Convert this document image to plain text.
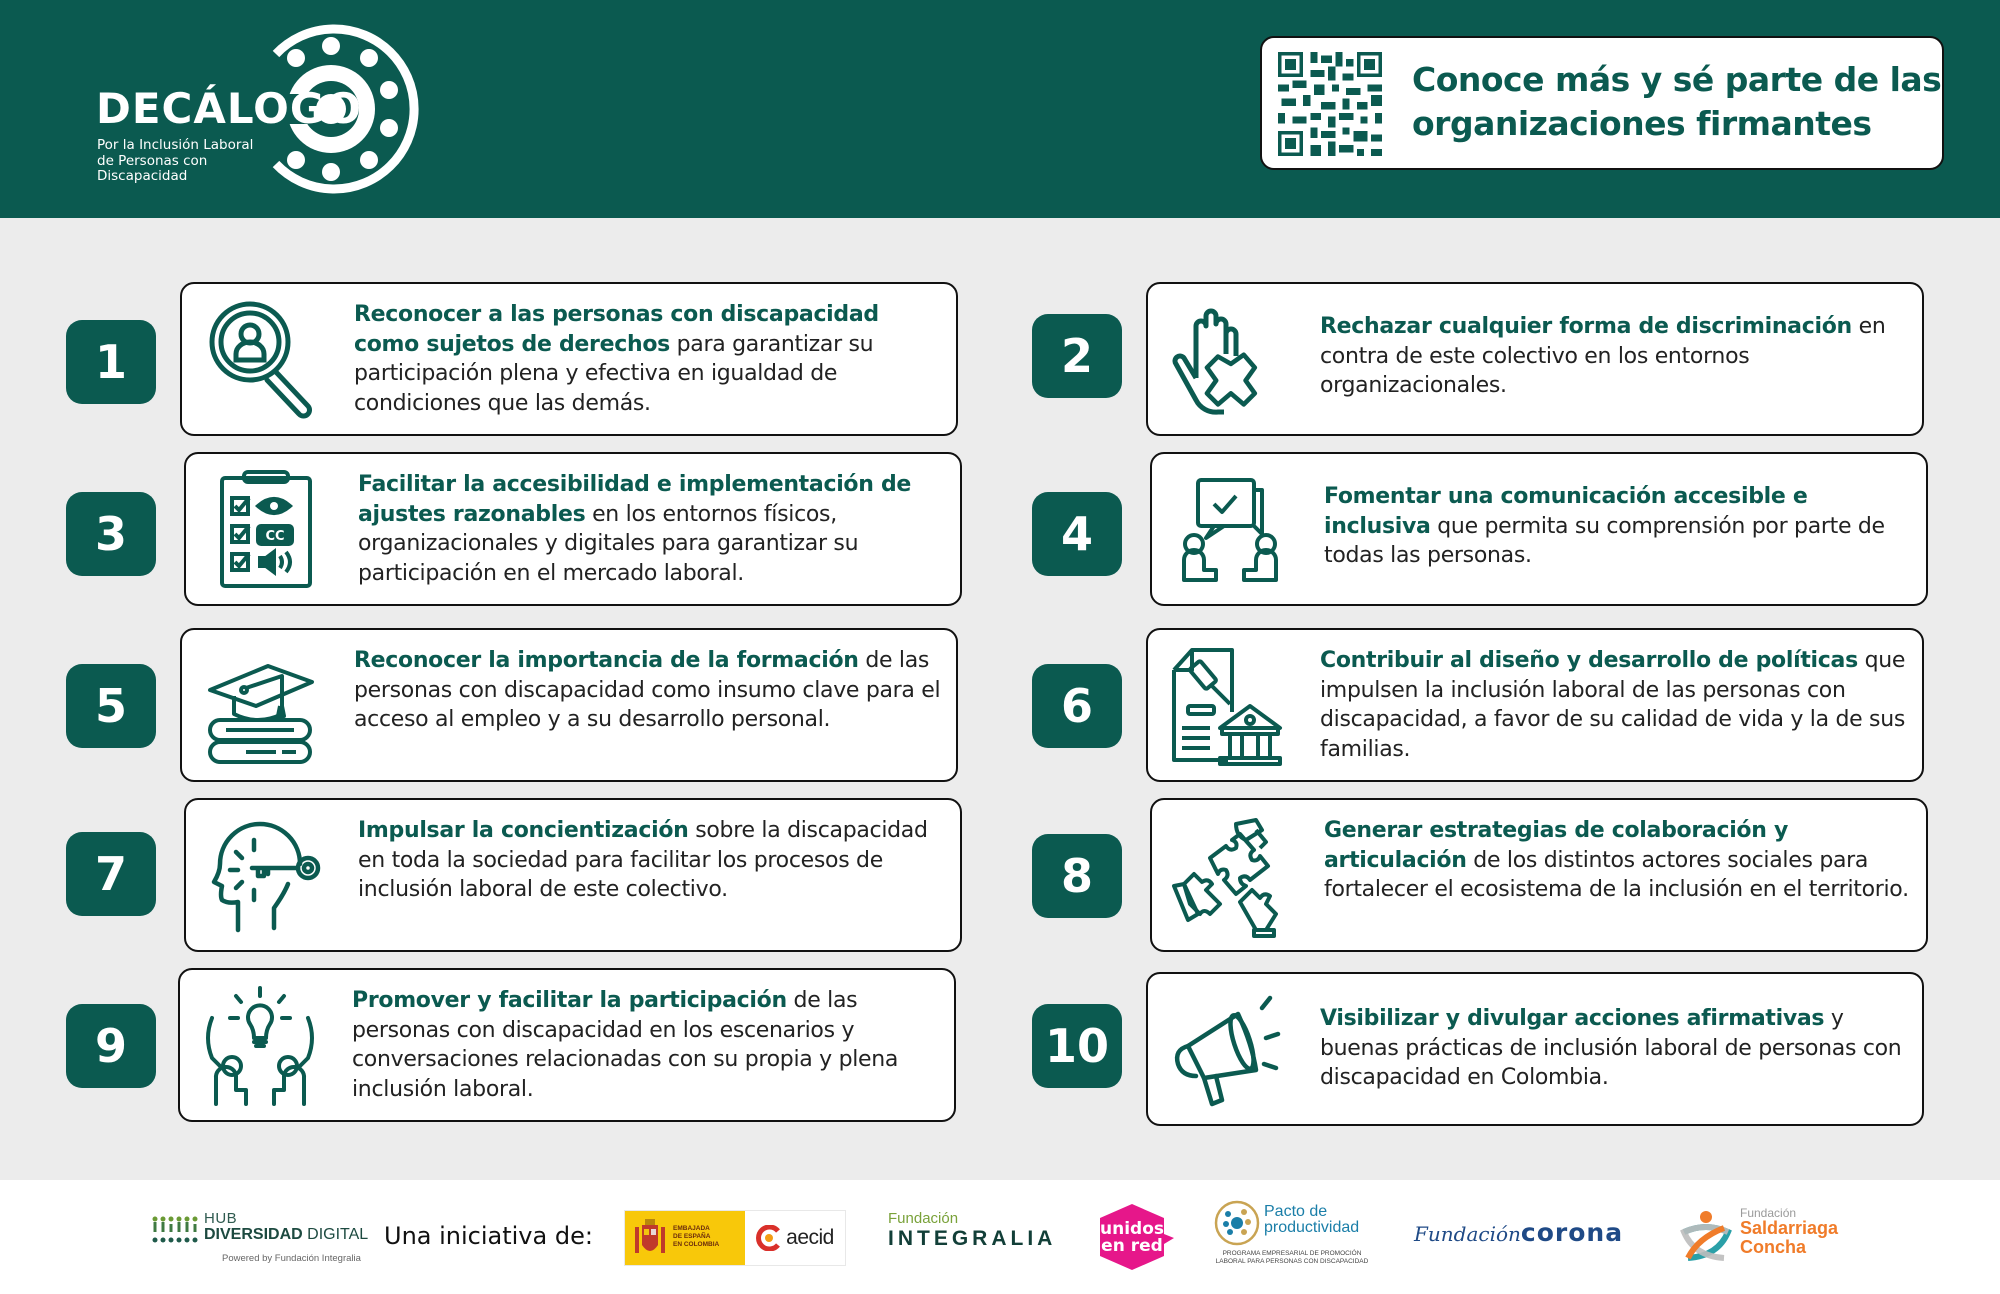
DECÁLOGO
Por la Inclusión Laboral
de Personas con
Discapacidad
Conoce más y sé parte de las
organizaciones firmantes
1
Reconocer a las personas con discapacidad como sujetos de derechos para garantizar su participación plena y efectiva en igualdad de condiciones que las demás.
2
Rechazar cualquier forma de discriminación en contra de este colectivo en los entornos organizacionales.
3	CC
Facilitar la accesibilidad e implementación de ajustes razonables en los entornos físicos, organizacionales y digitales para garantizar su participación en el mercado laboral.
4
Fomentar una comunicación accesible e inclusiva que permita su comprensión por parte de todas las personas.
5
Reconocer la importancia de la formación de las personas con discapacidad como insumo clave para el acceso al empleo y a su desarrollo personal.	6
Contribuir al diseño y desarrollo de políticas que impulsen la inclusión laboral de las personas con discapacidad, a favor de su calidad de vida y la de sus familias.
7
Impulsar la concientización sobre la discapacidad en toda la sociedad para facilitar los procesos de inclusión laboral de este colectivo.	8
Generar estrategias de colaboración y articulación de los distintos actores sociales para fortalecer el ecosistema de la inclusión en el territorio.
9
Promover y facilitar la participación de las personas con discapacidad en los escenarios y conversaciones relacionadas con su propia y plena inclusión laboral.
10
Visibilizar y divulgar acciones afirmativas y buenas prácticas de inclusión laboral de personas con discapacidad en Colombia.
HUB
DIVERSIDAD DIGITAL
Powered by Fundación Integralia
Una iniciativa de:	EMBAJADA
DE ESPAÑA
EN COLOMBIA	aecid
Fundación
INTEGRALIA	unidos
en red
Pacto de
productividad
PROGRAMA EMPRESARIAL DE PROMOCIÓN
LABORAL PARA PERSONAS CON DISCAPACIDAD
Fundacióncorona
Fundación
Saldarriaga
Concha
